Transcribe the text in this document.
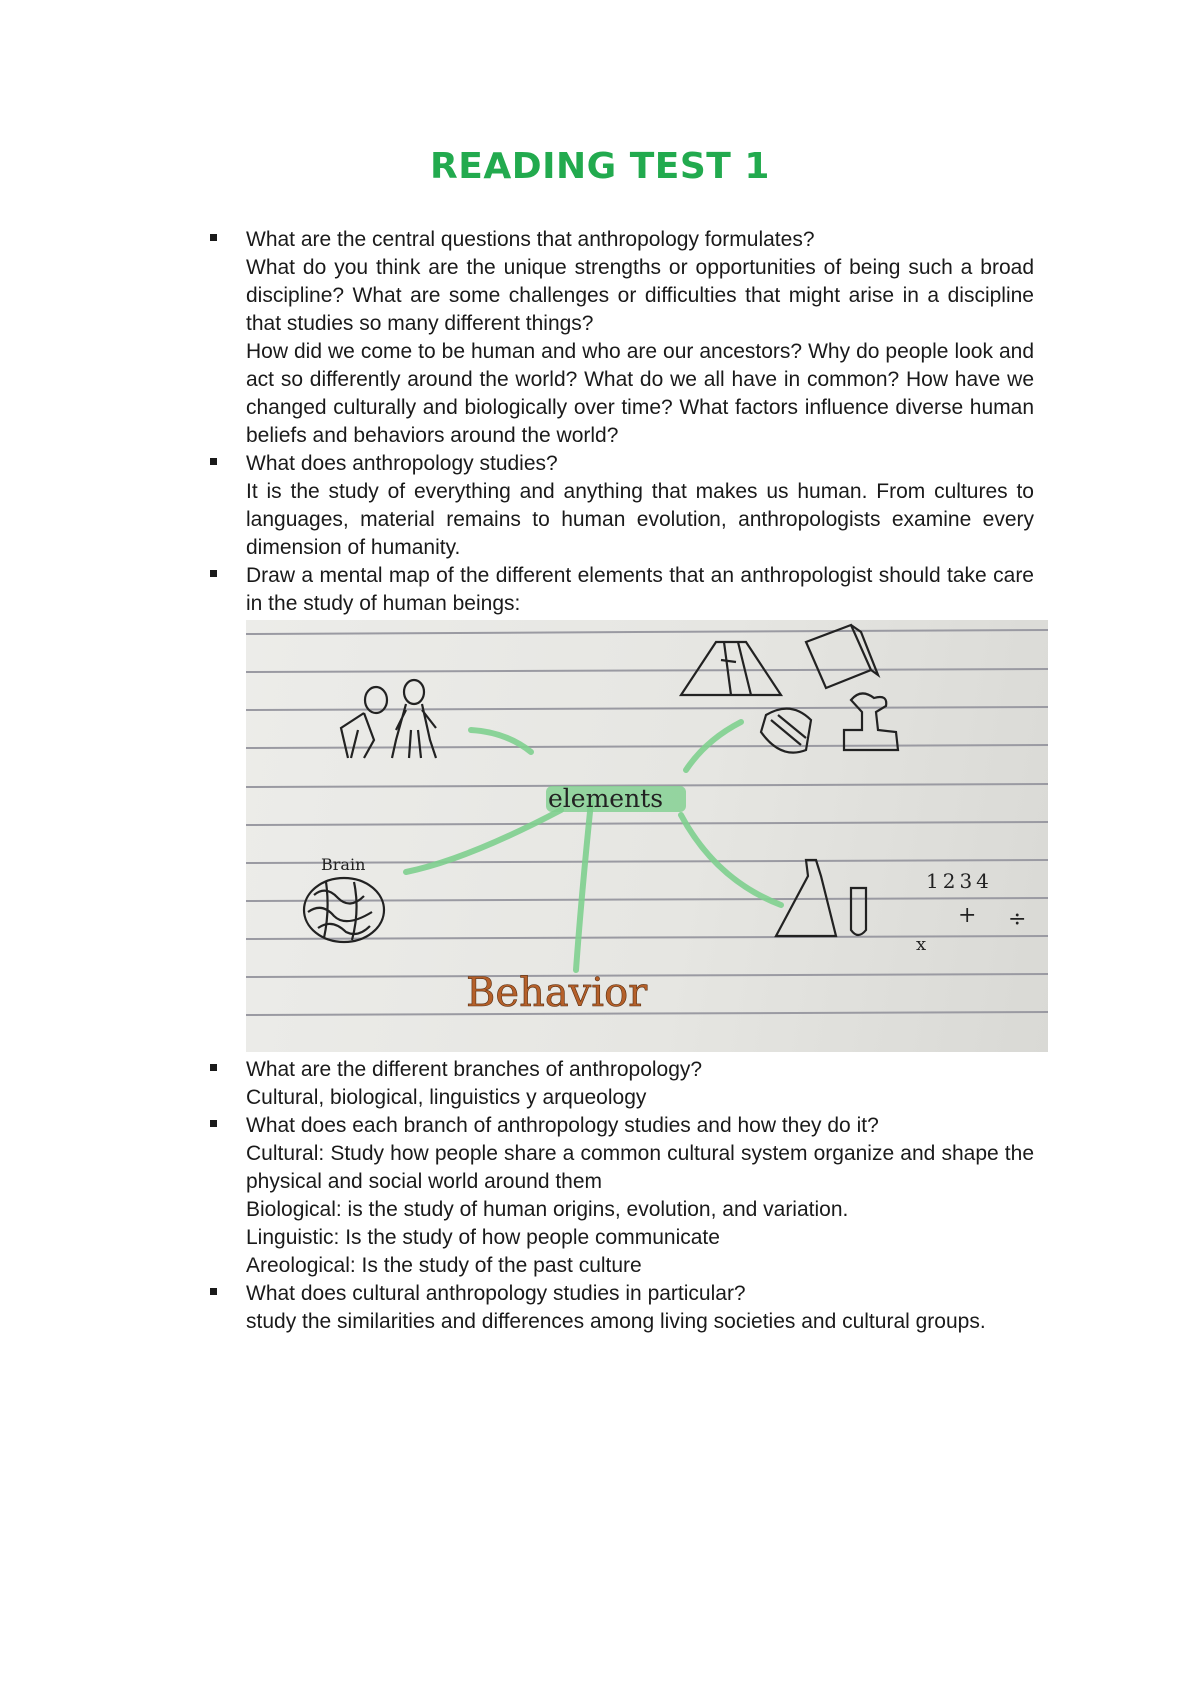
READING TEST 1
What are the central questions that anthropology formulates?
What do you think are the unique strengths or opportunities of being such a broad discipline? What are some challenges or difficulties that might arise in a discipline that studies so many different things?
How did we come to be human and who are our ancestors? Why do people look and act so differently around the world? What do we all have in common? How have we changed culturally and biologically over time? What factors influence diverse human beliefs and behaviors around the world?
What does anthropology studies?
It is the study of everything and anything that makes us human. From cultures to languages, material remains to human evolution, anthropologists examine every dimension of humanity.
Draw a mental map of the different elements that an anthropologist should take care in the study of human beings:
elements
Brain
1234
+ ÷
x
Behavior
What are the different branches of anthropology?
Cultural, biological, linguistics y arqueology
What does each branch of anthropology studies and how they do it?
Cultural: Study how people share a common cultural system organize and shape the physical and social world around them
Biological: is the study of human origins, evolution, and variation.
Linguistic: Is the study of how people communicate
Areological: Is the study of the past culture
What does cultural anthropology studies in particular?
study the similarities and differences among living societies and cultural groups.
